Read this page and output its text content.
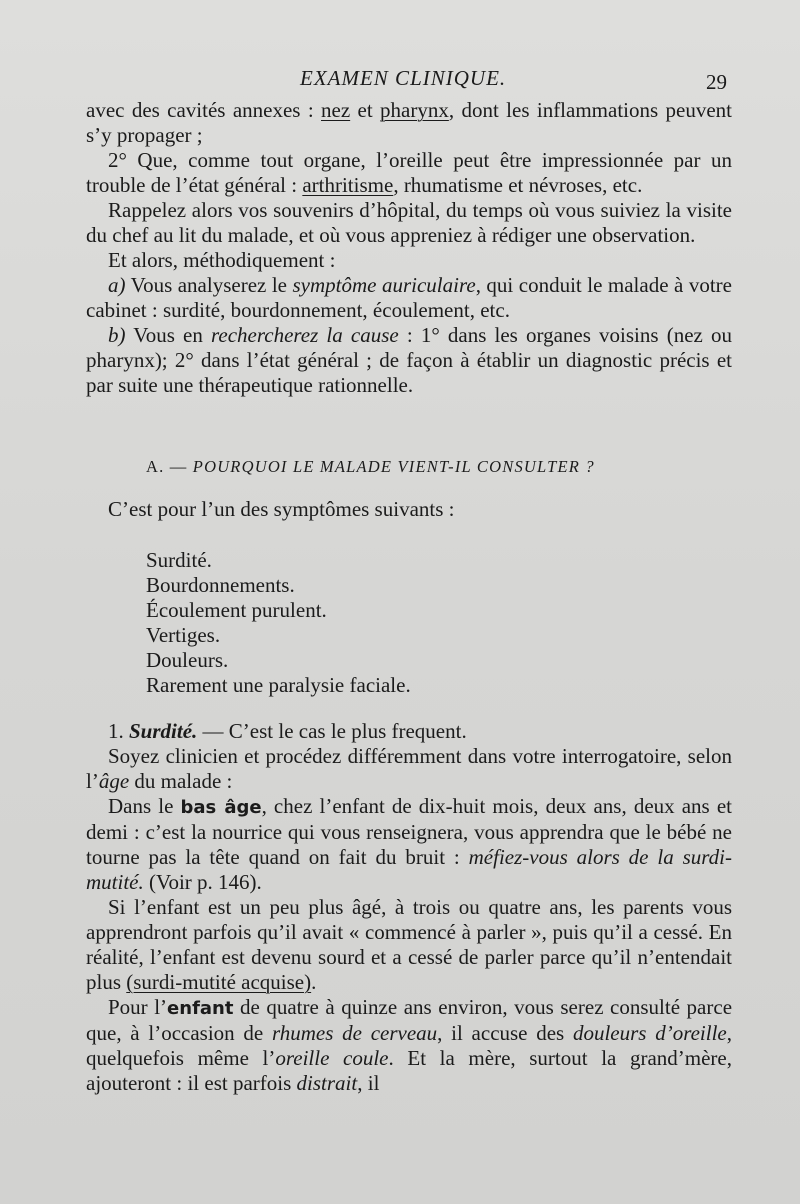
EXAMEN CLINIQUE.	29

avec des cavités annexes : nez et pharynx, dont les inflammations peuvent s’y propager ;

2° Que, comme tout organe, l’oreille peut être impressionnée par un trouble de l’état général : arthritisme, rhumatisme et névroses, etc.

Rappelez alors vos souvenirs d’hôpital, du temps où vous suiviez la visite du chef au lit du malade, et où vous appreniez à rédiger une observation.

Et alors, méthodiquement :

a) Vous analyserez le symptôme auriculaire, qui conduit le malade à votre cabinet : surdité, bourdonnement, écoulement, etc.

b) Vous en rechercherez la cause : 1° dans les organes voisins (nez ou pharynx); 2° dans l’état général ; de façon à établir un diagnostic précis et par suite une thérapeutique rationnelle.

A. — POURQUOI LE MALADE VIENT-IL CONSULTER ?

C’est pour l’un des symptômes suivants :

Surdité.
Bourdonnements.
Écoulement purulent.
Vertiges.
Douleurs.
Rarement une paralysie faciale.

1. Surdité. — C’est le cas le plus frequent.

Soyez clinicien et procédez différemment dans votre interrogatoire, selon l’âge du malade :

Dans le bas âge, chez l’enfant de dix-huit mois, deux ans, deux ans et demi : c’est la nourrice qui vous renseignera, vous apprendra que le bébé ne tourne pas la tête quand on fait du bruit : méfiez-vous alors de la surdi-mutité. (Voir p. 146).

Si l’enfant est un peu plus âgé, à trois ou quatre ans, les parents vous apprendront parfois qu’il avait « commencé à parler », puis qu’il a cessé. En réalité, l’enfant est devenu sourd et a cessé de parler parce qu’il n’entendait plus (surdi-mutité acquise).

Pour l’enfant de quatre à quinze ans environ, vous serez consulté parce que, à l’occasion de rhumes de cerveau, il accuse des douleurs d’oreille, quelquefois même l’oreille coule. Et la mère, surtout la grand’mère, ajouteront : il est parfois distrait, il
